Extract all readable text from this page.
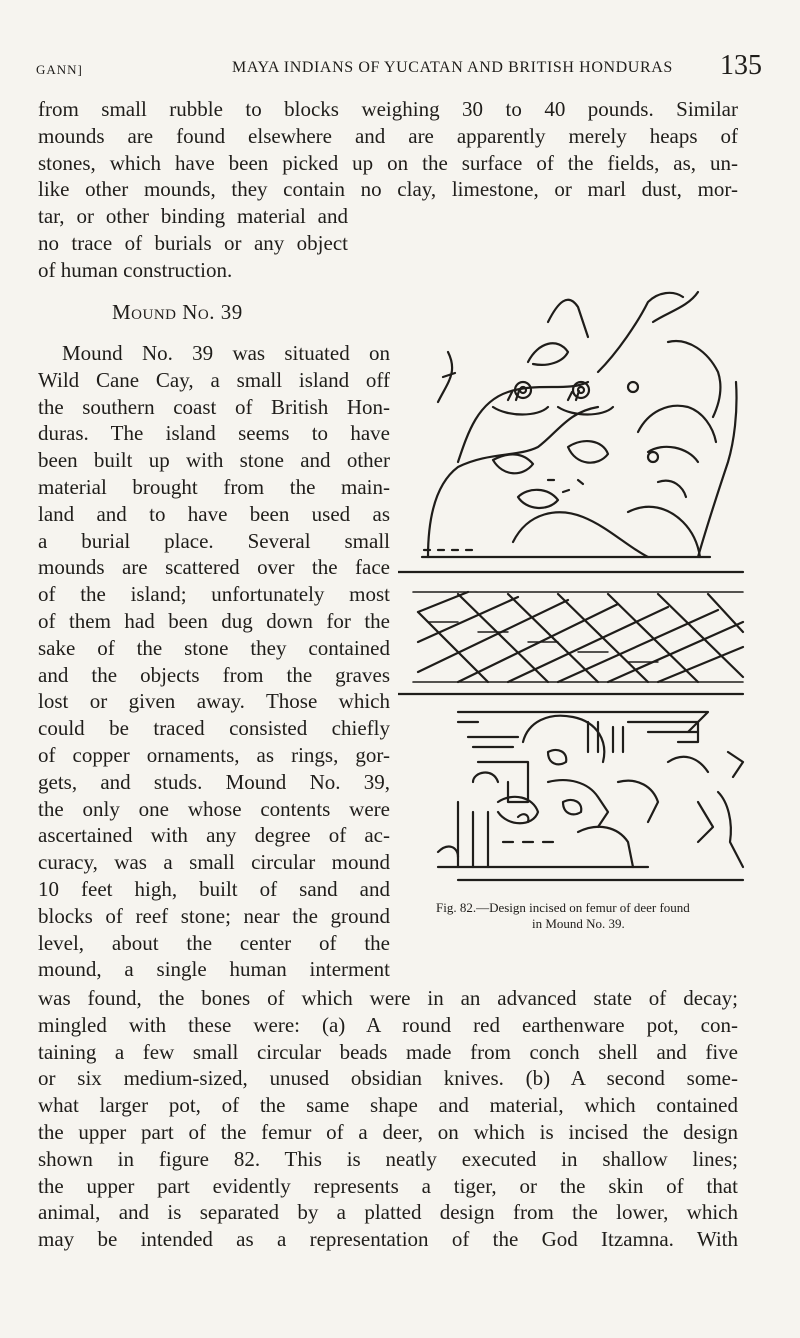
GANN]	MAYA INDIANS OF YUCATAN AND BRITISH HONDURAS 135

from small rubble to blocks weighing 30 to 40 pounds. Similar

mounds are found elsewhere and are apparently merely heaps of

stones, which have been picked up on the surface of the fields, as, un-

like other mounds, they contain no clay, limestone, or marl dust, mor-

tar, or other binding material and

no trace of burials or any object

of human construction.

Mound No. 39

Mound No. 39 was situated on

Wild Cane Cay, a small island off

the southern coast of British Hon-

duras. The island seems to have

been built up with stone and other

material brought from the main-

land and to have been used as

a burial place. Several small

mounds are scattered over the face

of the island; unfortunately most

of them had been dug down for the

sake of the stone they contained

and the objects from the graves

lost or given away. Those which

could be traced consisted chiefly

of copper ornaments, as rings, gor-

gets, and studs. Mound No. 39,

the only one whose contents were

ascertained with any degree of ac-

curacy, was a small circular mound

10 feet high, built of sand and

blocks of reef stone; near the ground

level, about the center of the

mound, a single human interment

Fig. 82.—Design incised on femur of deer found
in Mound No. 39.

was found, the bones of which were in an advanced state of decay;

mingled with these were: (a) A round red earthenware pot, con-

taining a few small circular beads made from conch shell and five

or six medium-sized, unused obsidian knives. (b) A second some-

what larger pot, of the same shape and material, which contained

the upper part of the femur of a deer, on which is incised the design

shown in figure 82. This is neatly executed in shallow lines;

the upper part evidently represents a tiger, or the skin of that

animal, and is separated by a platted design from the lower, which

may be intended as a representation of the God Itzamna. With
